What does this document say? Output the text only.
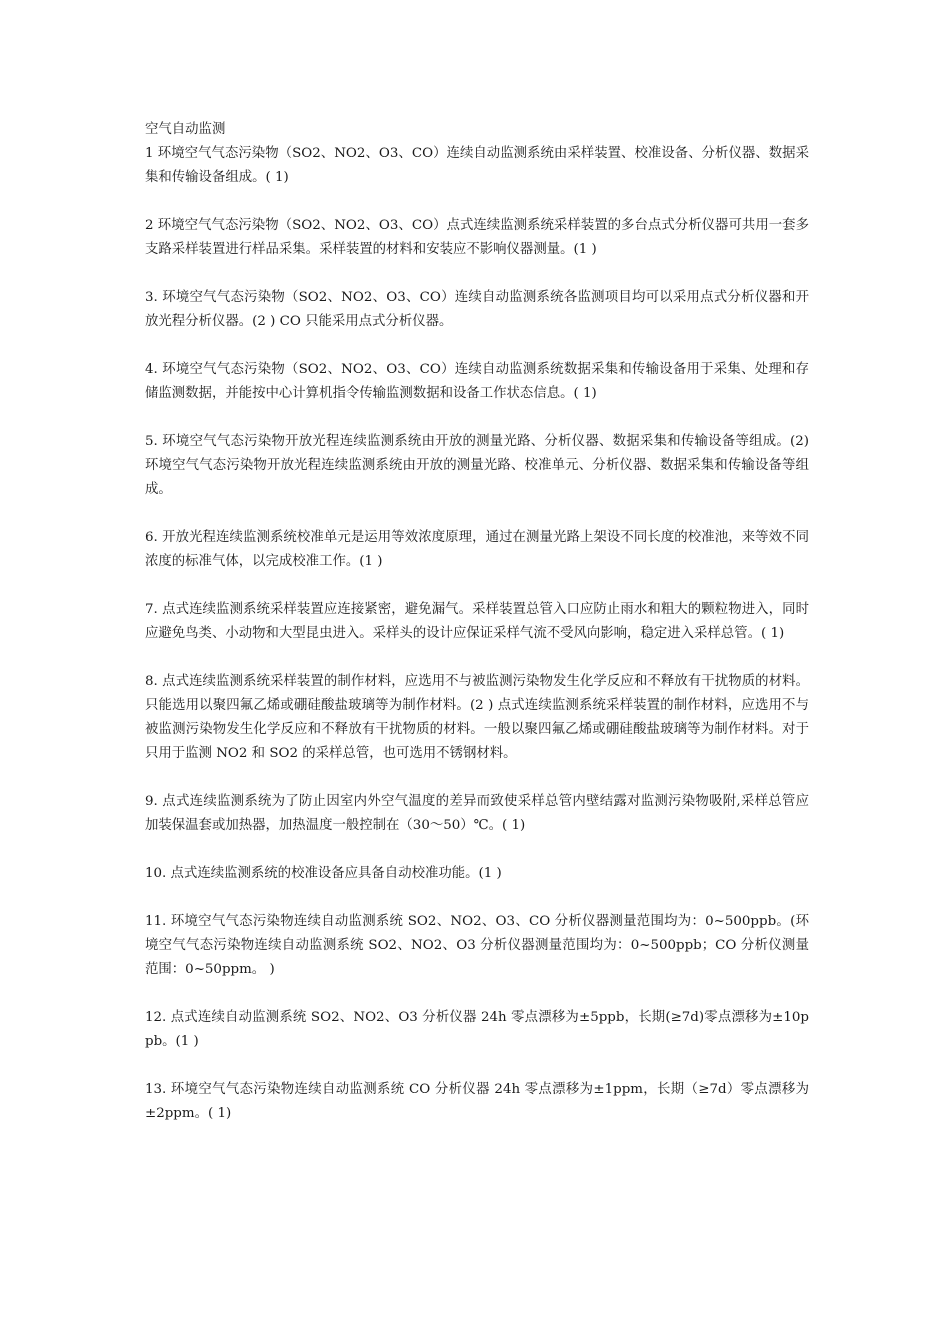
空气自动监测

1 环境空气气态污染物（SO2、NO2、O3、CO）连续自动监测系统由采样装置、校准设备、分析仪器、数据采集和传输设备组成。( 1)

2 环境空气气态污染物（SO2、NO2、O3、CO）点式连续监测系统采样装置的多台点式分析仪器可共用一套多支路采样装置进行样品采集。采样装置的材料和安装应不影响仪器测量。(1 )

3. 环境空气气态污染物（SO2、NO2、O3、CO）连续自动监测系统各监测项目均可以采用点式分析仪器和开放光程分析仪器。(2 ) CO 只能采用点式分析仪器。

4. 环境空气气态污染物（SO2、NO2、O3、CO）连续自动监测系统数据采集和传输设备用于采集、处理和存储监测数据，并能按中心计算机指令传输监测数据和设备工作状态信息。( 1)

5. 环境空气气态污染物开放光程连续监测系统由开放的测量光路、分析仪器、数据采集和传输设备等组成。(2) 环境空气气态污染物开放光程连续监测系统由开放的测量光路、校准单元、分析仪器、数据采集和传输设备等组成。

6. 开放光程连续监测系统校准单元是运用等效浓度原理，通过在测量光路上架设不同长度的校准池，来等效不同浓度的标准气体，以完成校准工作。(1 )

7. 点式连续监测系统采样装置应连接紧密，避免漏气。采样装置总管入口应防止雨水和粗大的颗粒物进入，同时应避免鸟类、小动物和大型昆虫进入。采样头的设计应保证采样气流不受风向影响，稳定进入采样总管。( 1)

8. 点式连续监测系统采样装置的制作材料，应选用不与被监测污染物发生化学反应和不释放有干扰物质的材料。只能选用以聚四氟乙烯或硼硅酸盐玻璃等为制作材料。(2 ) 点式连续监测系统采样装置的制作材料，应选用不与被监测污染物发生化学反应和不释放有干扰物质的材料。一般以聚四氟乙烯或硼硅酸盐玻璃等为制作材料。对于只用于监测 NO2 和 SO2 的采样总管，也可选用不锈钢材料。

9. 点式连续监测系统为了防止因室内外空气温度的差异而致使采样总管内壁结露对监测污染物吸附,采样总管应加装保温套或加热器，加热温度一般控制在（30～50）℃。( 1)

10. 点式连续监测系统的校准设备应具备自动校准功能。(1 )

11. 环境空气气态污染物连续自动监测系统 SO2、NO2、O3、CO 分析仪器测量范围均为：0~500ppb。(环境空气气态污染物连续自动监测系统 SO2、NO2、O3 分析仪器测量范围均为：0~500ppb；CO 分析仪测量范围：0~50ppm。 )

12. 点式连续自动监测系统 SO2、NO2、O3 分析仪器 24h 零点漂移为±5ppb，长期(≥7d)零点漂移为±10ppb。(1 )

13. 环境空气气态污染物连续自动监测系统 CO 分析仪器 24h 零点漂移为±1ppm，长期（≥7d）零点漂移为±2ppm。( 1)
